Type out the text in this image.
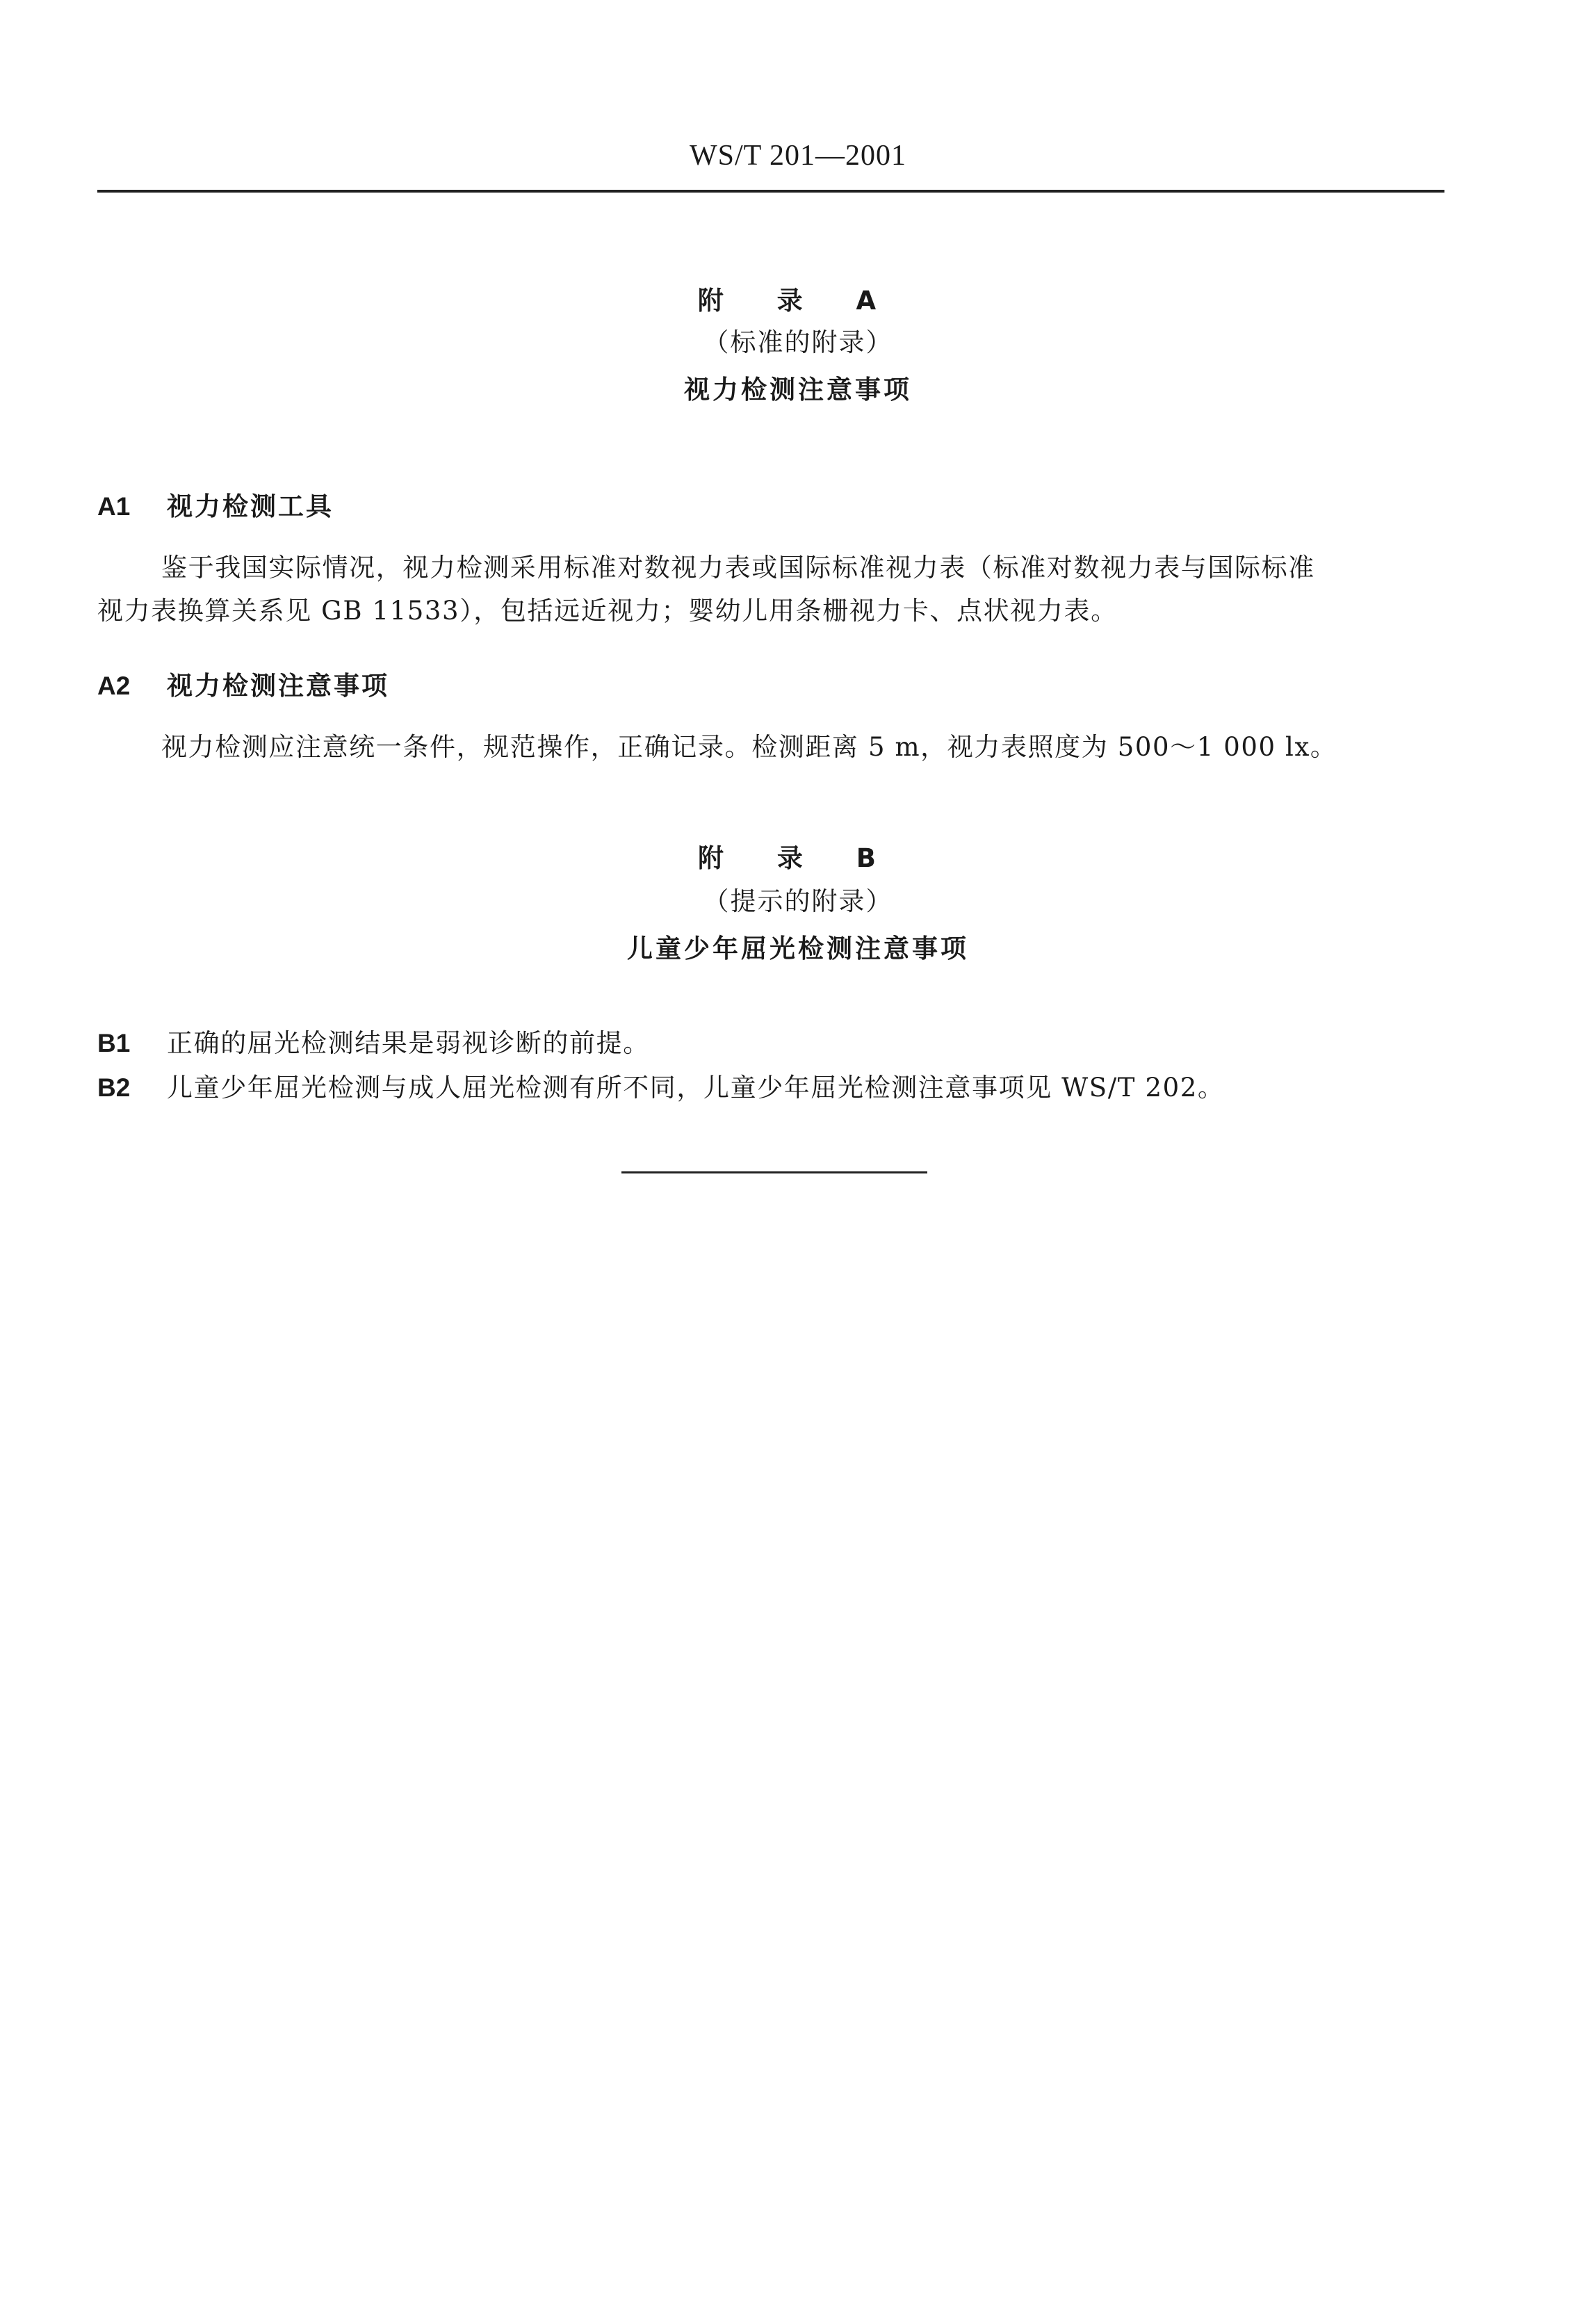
WS/T 201—2001
附 录 A
（标准的附录）
视力检测注意事项
A1 视力检测工具
鉴于我国实际情况，视力检测采用标准对数视力表或国际标准视力表（标准对数视力表与国际标准
视力表换算关系见 GB 11533），包括远近视力；婴幼儿用条栅视力卡、点状视力表。
A2 视力检测注意事项
视力检测应注意统一条件，规范操作，正确记录。检测距离 5 m，视力表照度为 500～1 000 lx。
附 录 B
（提示的附录）
儿童少年屈光检测注意事项
B1 正确的屈光检测结果是弱视诊断的前提。
B2 儿童少年屈光检测与成人屈光检测有所不同，儿童少年屈光检测注意事项见 WS/T 202。
